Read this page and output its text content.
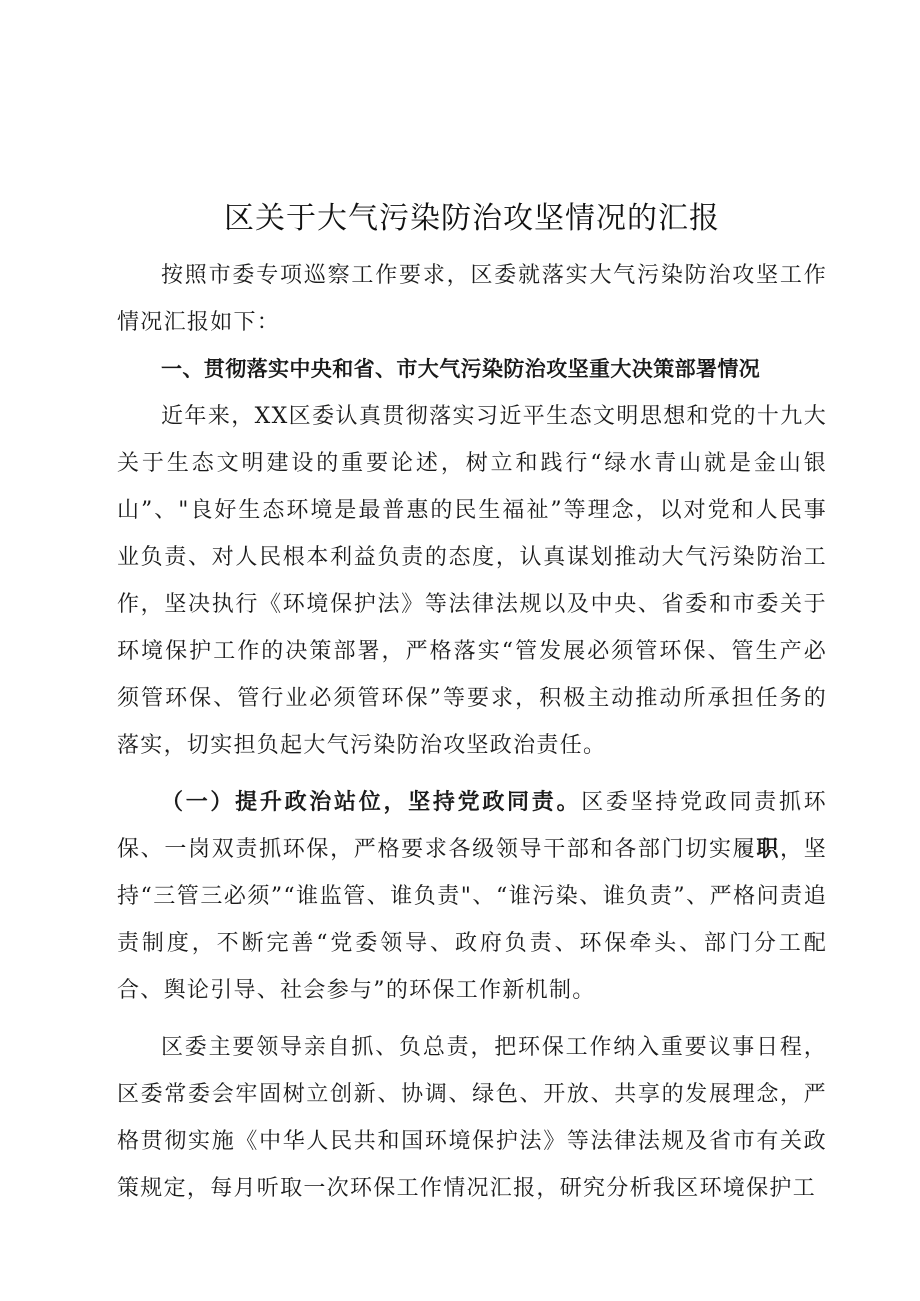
区关于大气污染防治攻坚情况的汇报

按照市委专项巡察工作要求，区委就落实大气污染防治攻坚工作情况汇报如下：

一、贯彻落实中央和省、市大气污染防治攻坚重大决策部署情况

近年来，XX区委认真贯彻落实习近平生态文明思想和党的十九大关于生态文明建设的重要论述，树立和践行“绿水青山就是金山银山”、"良好生态环境是最普惠的民生福祉”等理念，以对党和人民事业负责、对人民根本利益负责的态度，认真谋划推动大气污染防治工作，坚决执行《环境保护法》等法律法规以及中央、省委和市委关于环境保护工作的决策部署，严格落实“管发展必须管环保、管生产必须管环保、管行业必须管环保”等要求，积极主动推动所承担任务的落实，切实担负起大气污染防治攻坚政治责任。

（一）提升政治站位，坚持党政同责。区委坚持党政同责抓环保、一岗双责抓环保，严格要求各级领导干部和各部门切实履职，坚持“三管三必须”“谁监管、谁负责"、“谁污染、谁负责”、严格问责追责制度，不断完善“党委领导、政府负责、环保牵头、部门分工配合、舆论引导、社会参与”的环保工作新机制。

区委主要领导亲自抓、负总责，把环保工作纳入重要议事日程，区委常委会牢固树立创新、协调、绿色、开放、共享的发展理念，严格贯彻实施《中华人民共和国环境保护法》等法律法规及省市有关政策规定，每月听取一次环保工作情况汇报，研究分析我区环境保护工
